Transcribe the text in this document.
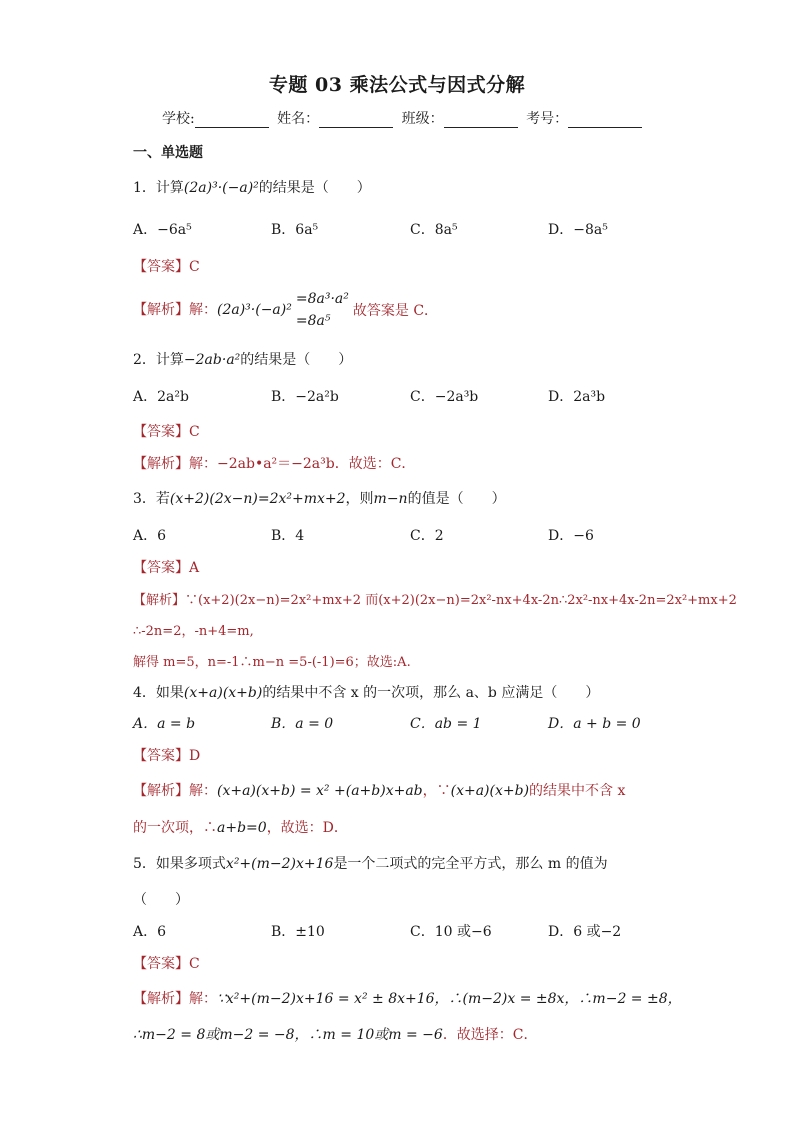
专题 03 乘法公式与因式分解
学校:	姓名：	班级：	考号：
一、单选题
1．计算(2a)³·(−a)²的结果是（　　）
A．−6a⁵	B．6a⁵	C．8a⁵	D．−8a⁵
【答案】C
【解析】解：(2a)³·(−a)²
=8a³·a²
=8a⁵
故答案是 C．
2．计算−2ab·a²的结果是（　　）
A．2a²b	B．−2a²b	C．−2a³b	D．2a³b
【答案】C
【解析】解：−2ab•a²＝−2a³b．故选：C．
3．若(x+2)(2x−n)=2x²+mx+2，则m−n的值是（　　）
A．6	B．4	C．2	D．−6
【答案】A
【解析】∵(x+2)(2x−n)=2x²+mx+2 而(x+2)(2x−n)=2x²-nx+4x-2n∴2x²-nx+4x-2n=2x²+mx+2
∴-2n=2，-n+4=m,
解得 m=5，n=-1∴m−n =5-(-1)=6；故选:A.
4．如果(x+a)(x+b)的结果中不含 x 的一次项，那么 a、b 应满足（　　）
A．a = b	B．a = 0	C．ab = 1	D．a + b = 0
【答案】D
【解析】解：(x+a)(x+b) = x² +(a+b)x+ab，∵(x+a)(x+b)的结果中不含 x
的一次项，∴a+b=0，故选：D．
5．如果多项式x²+(m−2)x+16是一个二项式的完全平方式，那么 m 的值为
（　　）
A．6	B．±10	C．10 或−6	D．6 或−2
【答案】C
【解析】解：∵x²+(m−2)x+16 = x² ± 8x+16，∴(m−2)x = ±8x，∴m−2 = ±8，
∴m−2 = 8或m−2 = −8，∴m = 10或m = −6．故选择：C．
